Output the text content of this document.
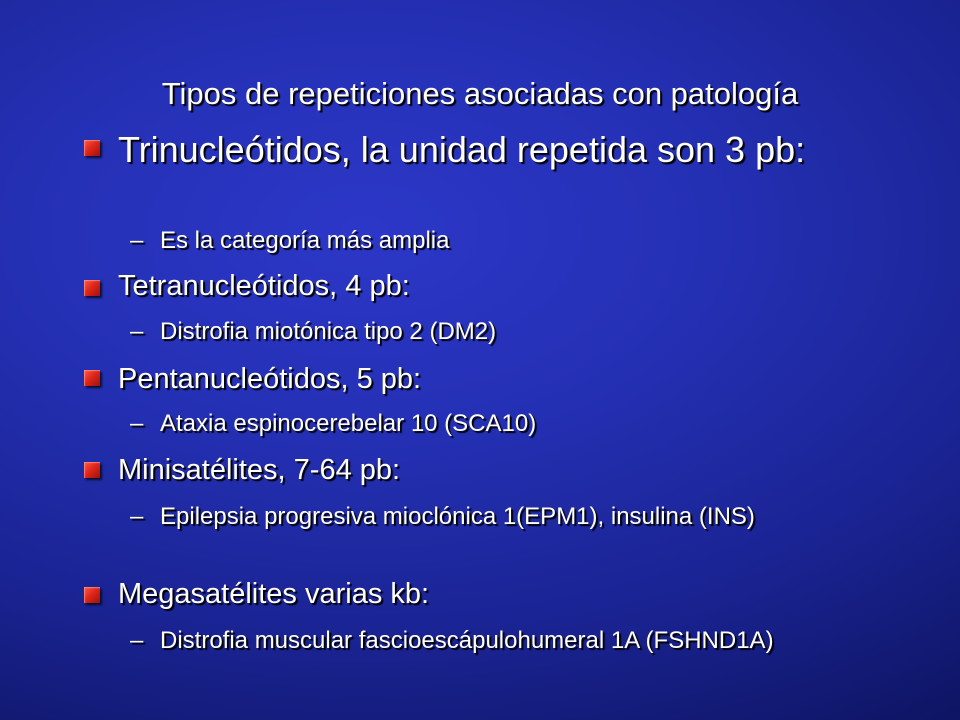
Tipos de repeticiones asociadas con patología
Trinucleótidos, la unidad repetida son 3 pb:
– Es la categoría más amplia
Tetranucleótidos, 4 pb:
– Distrofia miotónica tipo 2 (DM2)
Pentanucleótidos, 5 pb:
– Ataxia espinocerebelar 10 (SCA10)
Minisatélites, 7-64 pb:
– Epilepsia progresiva mioclónica 1(EPM1), insulina (INS)
Megasatélites varias kb:
– Distrofia muscular fascioescápulohumeral 1A (FSHND1A)
